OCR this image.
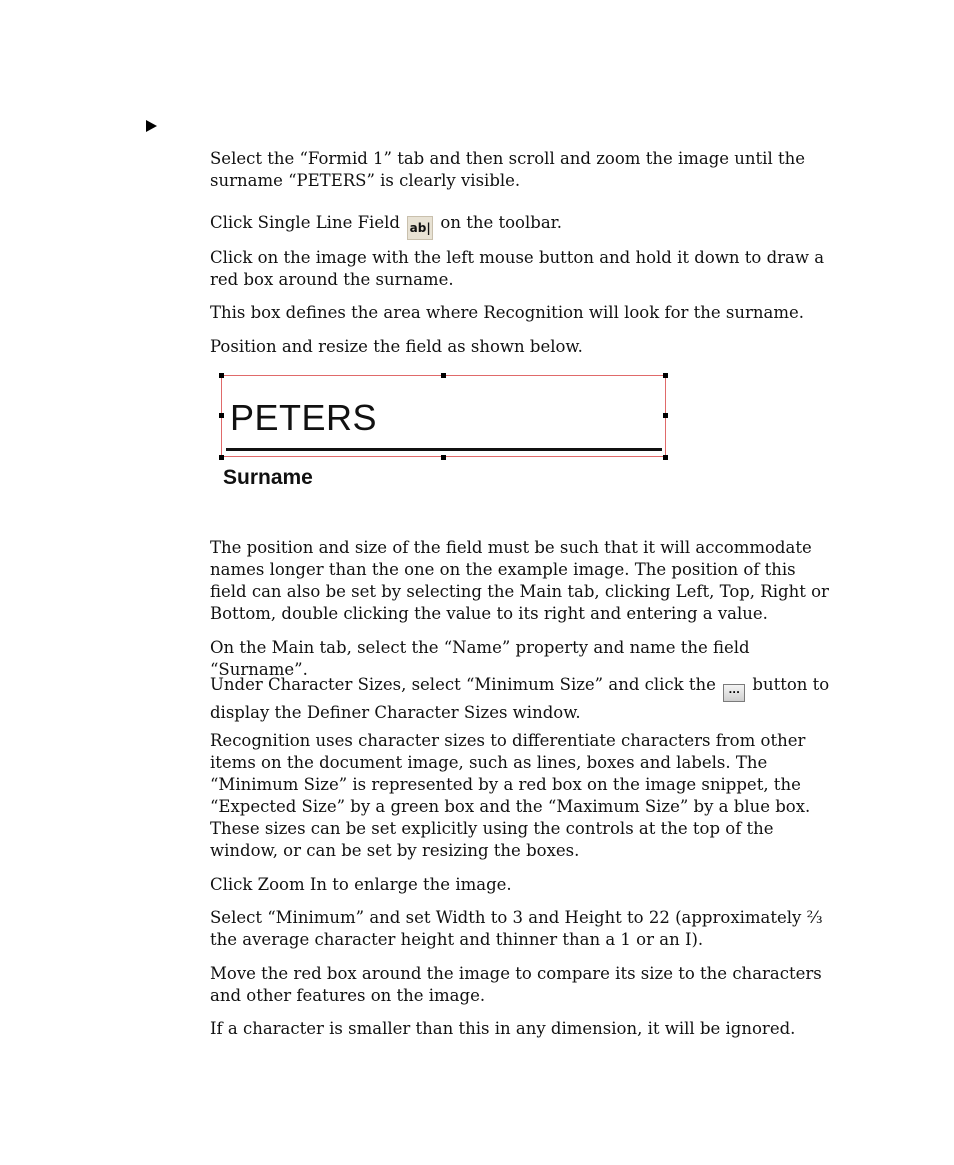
Select the “Formid 1” tab and then scroll and zoom the image until the surname “PETERS” is clearly visible.

Click Single Line Field ab| on the toolbar.

Click on the image with the left mouse button and hold it down to draw a red box around the surname.

This box defines the area where Recognition will look for the surname.

Position and resize the field as shown below.

PETERS
Surname

The position and size of the field must be such that it will accommodate names longer than the one on the example image. The position of this field can also be set by selecting the Main tab, clicking Left, Top, Right or Bottom, double clicking the value to its right and entering a value.

On the Main tab, select the “Name” property and name the field “Surname”.

Under Character Sizes, select “Minimum Size” and click the ... button to display the Definer Character Sizes window.

Recognition uses character sizes to differentiate characters from other items on the document image, such as lines, boxes and labels. The “Minimum Size” is represented by a red box on the image snippet, the “Expected Size” by a green box and the “Maximum Size” by a blue box. These sizes can be set explicitly using the controls at the top of the window, or can be set by resizing the boxes.

Click Zoom In to enlarge the image.

Select “Minimum” and set Width to 3 and Height to 22 (approximately ⅔ the average character height and thinner than a 1 or an I).

Move the red box around the image to compare its size to the characters and other features on the image.

If a character is smaller than this in any dimension, it will be ignored.
